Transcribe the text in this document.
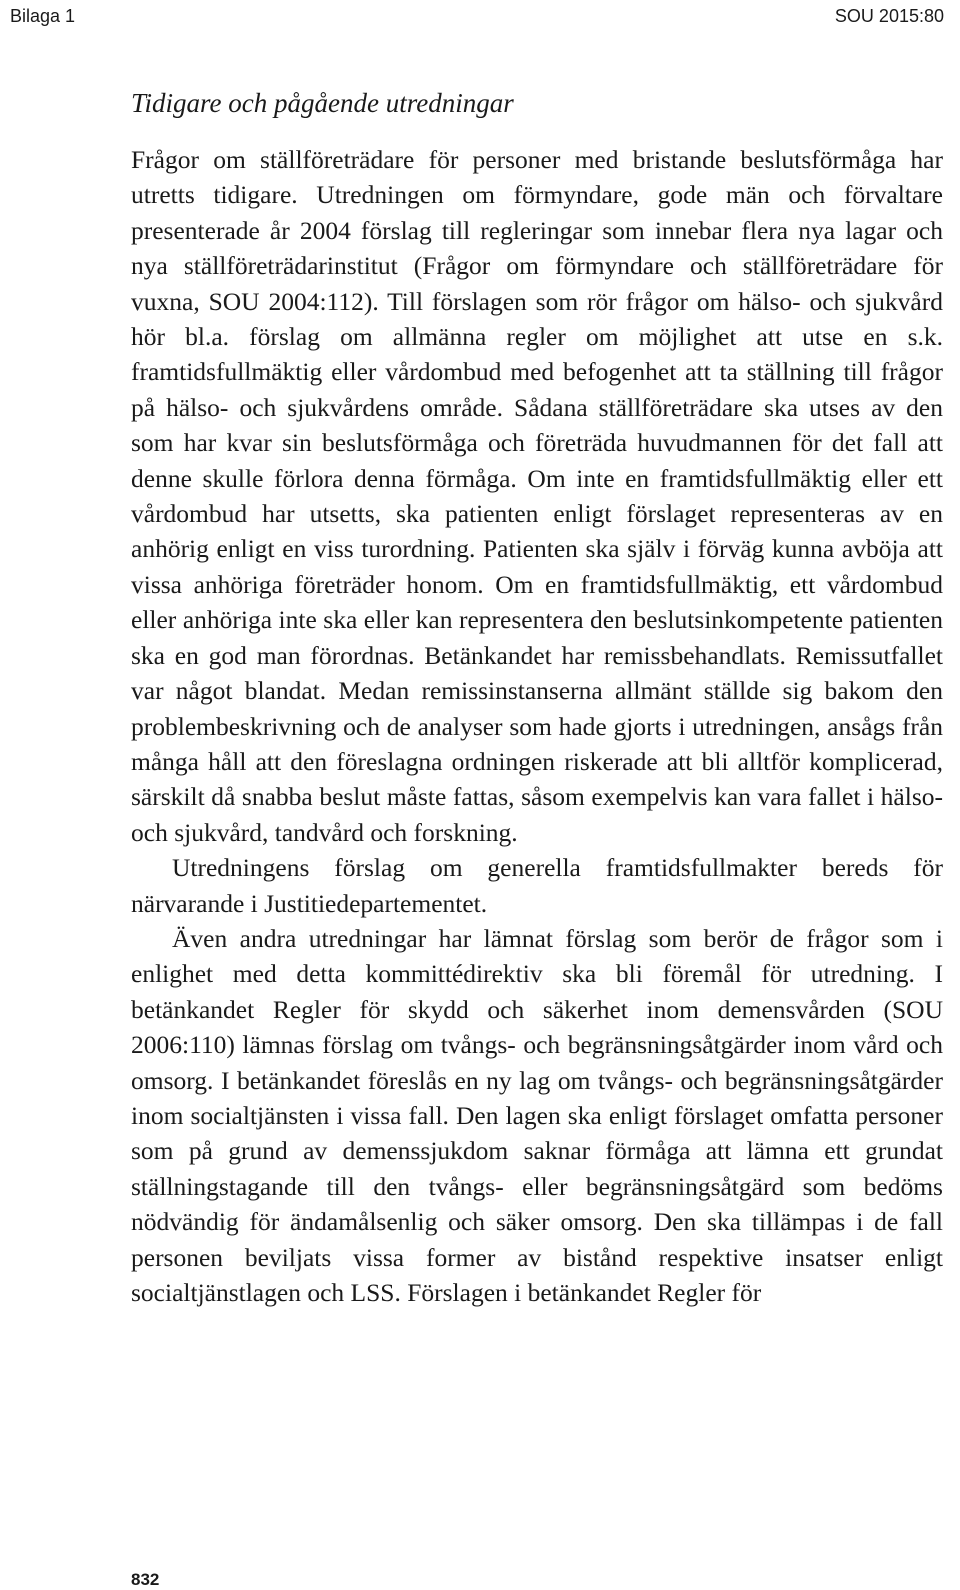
Bilaga 1	SOU 2015:80
Tidigare och pågående utredningar

Frågor om ställföreträdare för personer med bristande beslutsförmåga har utretts tidigare. Utredningen om förmyndare, gode män och förvaltare presenterade år 2004 förslag till regleringar som innebar flera nya lagar och nya ställföreträdarinstitut (Frågor om förmyndare och ställföreträdare för vuxna, SOU 2004:112). Till förslagen som rör frågor om hälso- och sjukvård hör bl.a. förslag om allmänna regler om möjlighet att utse en s.k. framtidsfullmäktig eller vårdombud med befogenhet att ta ställning till frågor på hälso- och sjukvårdens område. Sådana ställföreträdare ska utses av den som har kvar sin beslutsförmåga och företräda huvudmannen för det fall att denne skulle förlora denna förmåga. Om inte en framtidsfullmäktig eller ett vårdombud har utsetts, ska patienten enligt förslaget representeras av en anhörig enligt en viss turordning. Patienten ska själv i förväg kunna avböja att vissa anhöriga företräder honom. Om en framtidsfullmäktig, ett vårdombud eller anhöriga inte ska eller kan representera den beslutsinkompetente patienten ska en god man förordnas. Betänkandet har remissbehandlats. Remissutfallet var något blandat. Medan remissinstanserna allmänt ställde sig bakom den problembeskrivning och de analyser som hade gjorts i utredningen, ansågs från många håll att den föreslagna ordningen riskerade att bli alltför komplicerad, särskilt då snabba beslut måste fattas, såsom exempelvis kan vara fallet i hälso- och sjukvård, tandvård och forskning.

Utredningens förslag om generella framtidsfullmakter bereds för närvarande i Justitiedepartementet.

Även andra utredningar har lämnat förslag som berör de frågor som i enlighet med detta kommittédirektiv ska bli föremål för utredning. I betänkandet Regler för skydd och säkerhet inom demensvården (SOU 2006:110) lämnas förslag om tvångs- och begränsningsåtgärder inom vård och omsorg. I betänkandet föreslås en ny lag om tvångs- och begränsningsåtgärder inom socialtjänsten i vissa fall. Den lagen ska enligt förslaget omfatta personer som på grund av demenssjukdom saknar förmåga att lämna ett grundat ställningstagande till den tvångs- eller begränsningsåtgärd som bedöms nödvändig för ändamålsenlig och säker omsorg. Den ska tillämpas i de fall personen beviljats vissa former av bistånd respektive insatser enligt socialtjänstlagen och LSS. Förslagen i betänkandet Regler för

832
